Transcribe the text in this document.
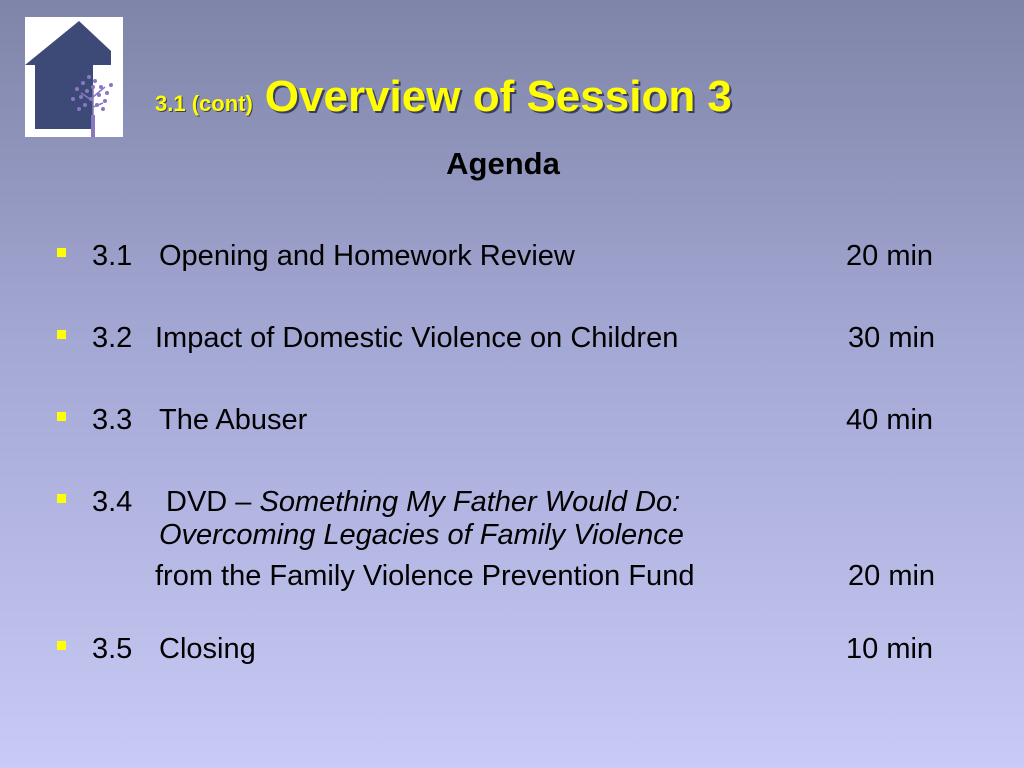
3.1 (cont) Overview of Session 3
Agenda
3.1 Opening and Homework Review	20 min
3.2 Impact of Domestic Violence on Children	30 min
3.3 The Abuser	40 min
3.4 DVD – Something My Father Would Do:
Overcoming Legacies of Family Violence
from the Family Violence Prevention Fund	20 min
3.5 Closing	10 min
